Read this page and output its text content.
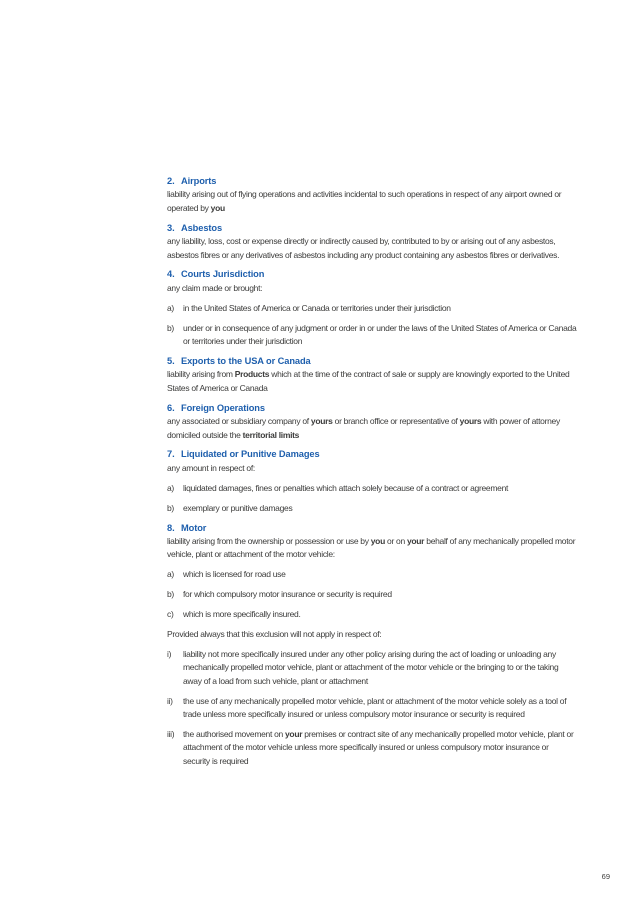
2. Airports

liability arising out of flying operations and activities incidental to such operations in respect of any airport owned or operated by you

3. Asbestos

any liability, loss, cost or expense directly or indirectly caused by, contributed to by or arising out of any asbestos, asbestos fibres or any derivatives of asbestos including any product containing any asbestos fibres or derivatives.

4. Courts Jurisdiction

any claim made or brought:

a)	in the United States of America or Canada or territories under their jurisdiction
b)	under or in consequence of any judgment or order in or under the laws of the United States of America or Canada or territories under their jurisdiction
5. Exports to the USA or Canada

liability arising from Products which at the time of the contract of sale or supply are knowingly exported to the United States of America or Canada

6. Foreign Operations

any associated or subsidiary company of yours or branch office or representative of yours with power of attorney domiciled outside the territorial limits

7. Liquidated or Punitive Damages

any amount in respect of:

a)	liquidated damages, fines or penalties which attach solely because of a contract or agreement
b)	exemplary or punitive damages
8. Motor

liability arising from the ownership or possession or use by you or on your behalf of any mechanically propelled motor vehicle, plant or attachment of the motor vehicle:

a)	which is licensed for road use
b)	for which compulsory motor insurance or security is required
c)	which is more specifically insured.

Provided always that this exclusion will not apply in respect of:

i)	liability not more specifically insured under any other policy arising during the act of loading or unloading any mechanically propelled motor vehicle, plant or attachment of the motor vehicle or the bringing to or the taking away of a load from such vehicle, plant or attachment
ii)	the use of any mechanically propelled motor vehicle, plant or attachment of the motor vehicle solely as a tool of trade unless more specifically insured or unless compulsory motor insurance or security is required
iii)	the authorised movement on your premises or contract site of any mechanically propelled motor vehicle, plant or attachment of the motor vehicle unless more specifically insured or unless compulsory motor insurance or security is required
69
